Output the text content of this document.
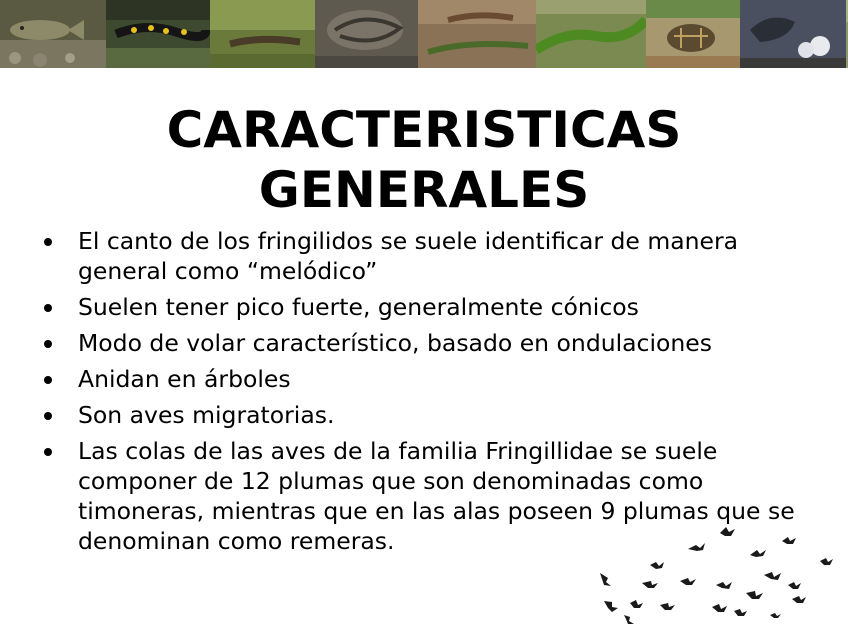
CARACTERISTICAS
GENERALES
El canto de los fringilidos se suele identificar de manera general como “melódico”
Suelen tener pico fuerte, generalmente cónicos
Modo de volar característico, basado en ondulaciones
Anidan en árboles
Son aves migratorias.
Las colas de las aves de la familia Fringillidae se suele componer de 12 plumas que son denominadas como timoneras, mientras que en las alas poseen 9 plumas que se denominan como remeras.
